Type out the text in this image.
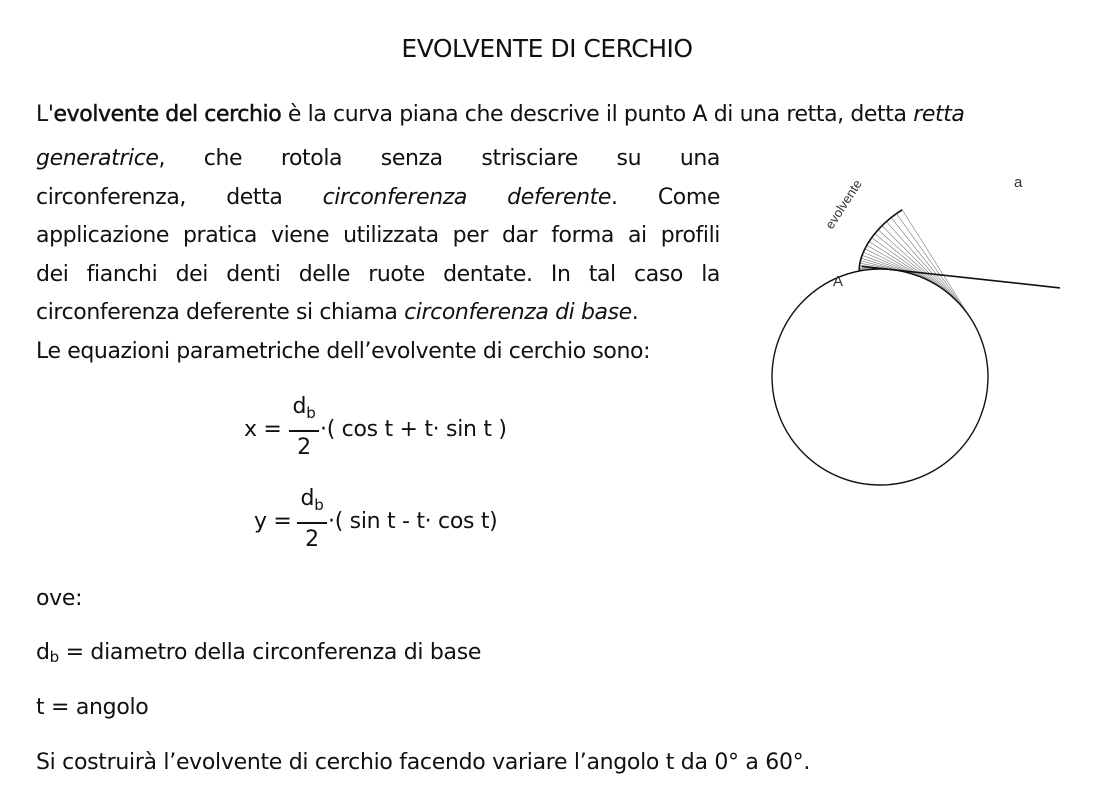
EVOLVENTE DI CERCHIO
L'evolvente del cerchio è la curva piana che descrive il punto A di una retta, detta retta
generatrice, che rotola senza strisciare su una
circonferenza, detta circonferenza deferente. Come
applicazione pratica viene utilizzata per dar forma ai profili
dei fianchi dei denti delle ruote dentate. In tal caso la
circonferenza deferente si chiama circonferenza di base.
Le equazioni parametriche dell’evolvente di cerchio sono:
x =
$d_b$
2
·( cos t + t· sin t )
y =
$d_b$
2
·( sin t - t· cos t)
ove:
$d_b$ = diametro della circonferenza di base
t = angolo
Si costruirà l’evolvente di cerchio facendo variare l’angolo t da 0° a 60°.
evolvente	a
A
